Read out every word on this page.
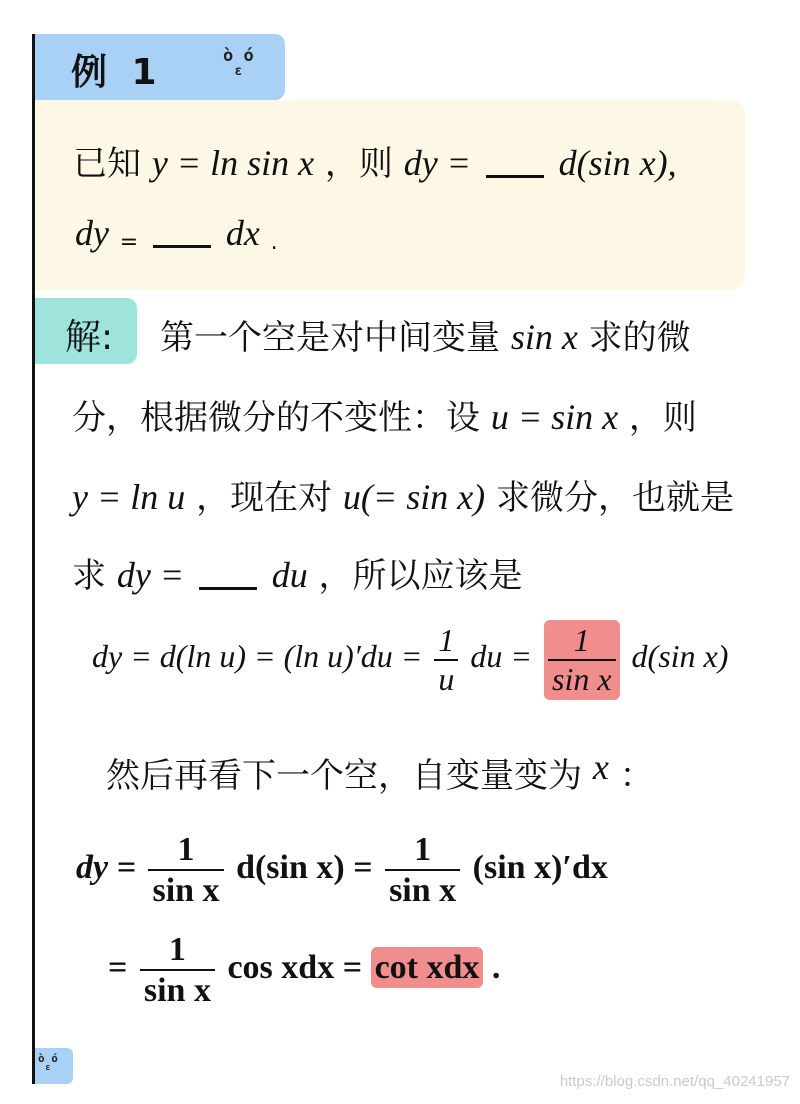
例 1	ò ó
ε
已知 y = ln sin x ，则 dy = d(sin x),
dy = dx .
解: 第一个空是对中间变量 sin x 求的微
分，根据微分的不变性：设 u = sin x ，则
y = ln u ，现在对 u(= sin x) 求微分，也就是
求 dy = du ，所以应该是
dy = d(ln u) = (ln $u)'du = \frac{1}{u}$ du = $\frac{1}{\text{sin x}} d(\sin$ x)
然后再看下一个空，自变量变为 x ：
dy = $\frac{1}{\text{sin x}} d(\sin$ $x) = \frac{1}{\text{sin x}} (\sin$ x)′dx
= $\frac{1}{\text{sin x}}$ cos xdx = cot xdx .
ò ó
ε
https://blog.csdn.net/qq_40241957
